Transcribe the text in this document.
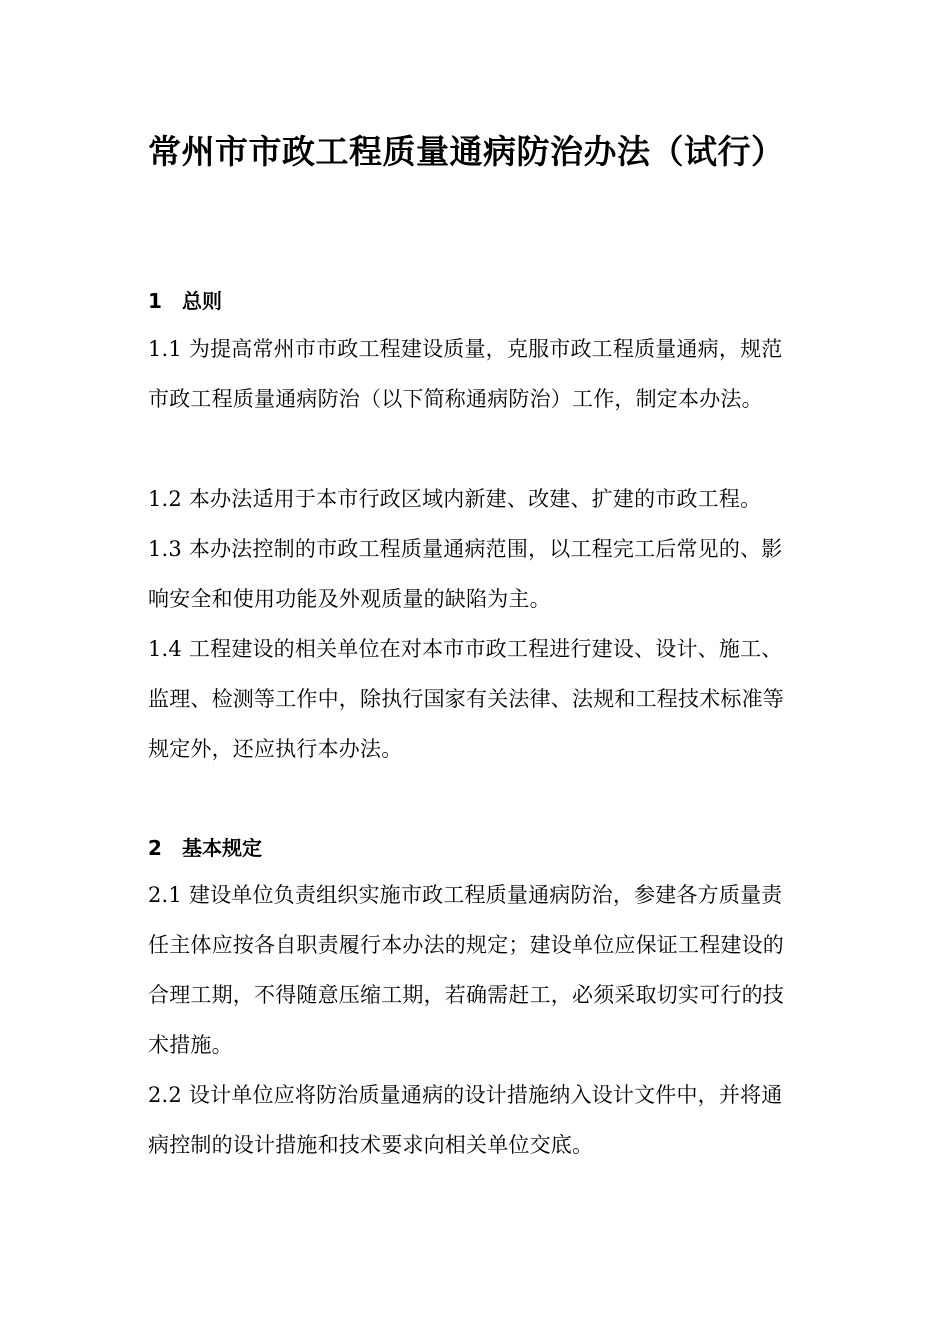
常州市市政工程质量通病防治办法（试行）
1 总则

1.1 为提高常州市市政工程建设质量，克服市政工程质量通病，规范市政工程质量通病防治（以下简称通病防治）工作，制定本办法。

1.2 本办法适用于本市行政区域内新建、改建、扩建的市政工程。

1.3 本办法控制的市政工程质量通病范围，以工程完工后常见的、影响安全和使用功能及外观质量的缺陷为主。

1.4 工程建设的相关单位在对本市市政工程进行建设、设计、施工、监理、检测等工作中，除执行国家有关法律、法规和工程技术标准等规定外，还应执行本办法。

2 基本规定

2.1 建设单位负责组织实施市政工程质量通病防治，参建各方质量责任主体应按各自职责履行本办法的规定；建设单位应保证工程建设的合理工期，不得随意压缩工期，若确需赶工，必须采取切实可行的技术措施。

2.2 设计单位应将防治质量通病的设计措施纳入设计文件中，并将通病控制的设计措施和技术要求向相关单位交底。
